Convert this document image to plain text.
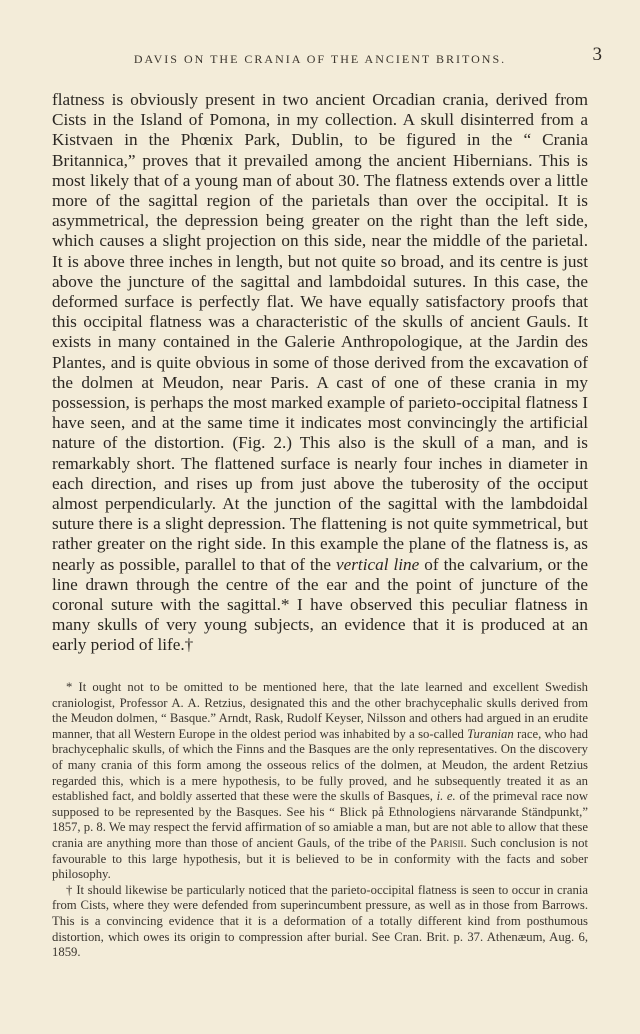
DAVIS ON THE CRANIA OF THE ANCIENT BRITONS.	3

flatness is obviously present in two ancient Orcadian crania, derived from Cists in the Island of Pomona, in my collection. A skull disinterred from a Kistvaen in the Phœnix Park, Dublin, to be figured in the “ Crania Britannica,” proves that it prevailed among the ancient Hibernians. This is most likely that of a young man of about 30. The flatness extends over a little more of the sagittal region of the parietals than over the occipital. It is asymmetrical, the depression being greater on the right than the left side, which causes a slight projection on this side, near the middle of the parietal. It is above three inches in length, but not quite so broad, and its centre is just above the juncture of the sagittal and lambdoidal sutures. In this case, the deformed surface is perfectly flat. We have equally satisfactory proofs that this occipital flatness was a characteristic of the skulls of ancient Gauls. It exists in many contained in the Galerie Anthropologique, at the Jardin des Plantes, and is quite obvious in some of those derived from the excavation of the dolmen at Meudon, near Paris. A cast of one of these crania in my possession, is perhaps the most marked example of parieto-occipital flatness I have seen, and at the same time it indicates most convincingly the artificial nature of the distortion. (Fig. 2.) This also is the skull of a man, and is remarkably short. The flattened surface is nearly four inches in diameter in each direction, and rises up from just above the tuberosity of the occiput almost perpendicularly. At the junction of the sagittal with the lambdoidal suture there is a slight depression. The flattening is not quite symmetrical, but rather greater on the right side. In this example the plane of the flatness is, as nearly as possible, parallel to that of the vertical line of the calvarium, or the line drawn through the centre of the ear and the point of juncture of the coronal suture with the sagittal.* I have observed this peculiar flatness in many skulls of very young subjects, an evidence that it is produced at an early period of life.†

* It ought not to be omitted to be mentioned here, that the late learned and excellent Swedish craniologist, Professor A. A. Retzius, designated this and the other brachycephalic skulls derived from the Meudon dolmen, “ Basque.” Arndt, Rask, Rudolf Keyser, Nilsson and others had argued in an erudite manner, that all Western Europe in the oldest period was inhabited by a so-called Turanian race, who had brachycephalic skulls, of which the Finns and the Basques are the only representatives. On the discovery of many crania of this form among the osseous relics of the dolmen, at Meudon, the ardent Retzius regarded this, which is a mere hypothesis, to be fully proved, and he subsequently treated it as an established fact, and boldly asserted that these were the skulls of Basques, i. e. of the primeval race now supposed to be represented by the Basques. See his “ Blick på Ethnologiens närvarande Ständpunkt,” 1857, p. 8. We may respect the fervid affirmation of so amiable a man, but are not able to allow that these crania are anything more than those of ancient Gauls, of the tribe of the Parisii. Such conclusion is not favourable to this large hypothesis, but it is believed to be in conformity with the facts and sober philosophy.

† It should likewise be particularly noticed that the parieto-occipital flatness is seen to occur in crania from Cists, where they were defended from superincumbent pressure, as well as in those from Barrows. This is a convincing evidence that it is a deformation of a totally different kind from posthumous distortion, which owes its origin to compression after burial. See Cran. Brit. p. 37. Athenæum, Aug. 6, 1859.
